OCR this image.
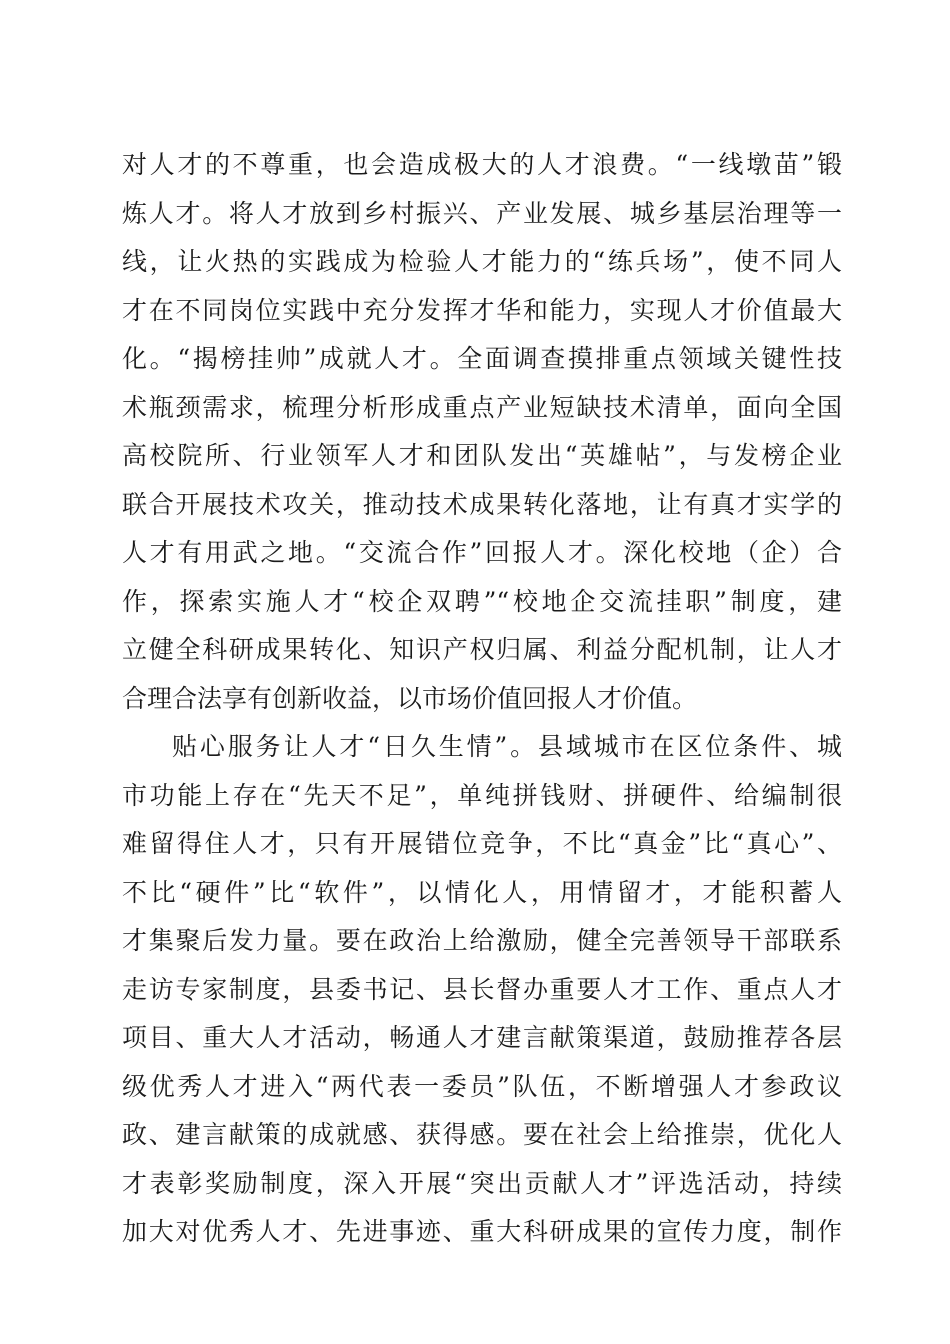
对人才的不尊重，也会造成极大的人才浪费。“一线墩苗”锻
炼人才。将人才放到乡村振兴、产业发展、城乡基层治理等一
线，让火热的实践成为检验人才能力的“练兵场”，使不同人
才在不同岗位实践中充分发挥才华和能力，实现人才价值最大
化。“揭榜挂帅”成就人才。全面调查摸排重点领域关键性技
术瓶颈需求，梳理分析形成重点产业短缺技术清单，面向全国
高校院所、行业领军人才和团队发出“英雄帖”，与发榜企业
联合开展技术攻关，推动技术成果转化落地，让有真才实学的
人才有用武之地。“交流合作”回报人才。深化校地（企）合
作，探索实施人才“校企双聘”“校地企交流挂职”制度，建
立健全科研成果转化、知识产权归属、利益分配机制，让人才
合理合法享有创新收益，以市场价值回报人才价值。
贴心服务让人才“日久生情”。县域城市在区位条件、城
市功能上存在“先天不足”，单纯拼钱财、拼硬件、给编制很
难留得住人才，只有开展错位竞争，不比“真金”比“真心”、
不比“硬件”比“软件”，以情化人，用情留才，才能积蓄人
才集聚后发力量。要在政治上给激励，健全完善领导干部联系
走访专家制度，县委书记、县长督办重要人才工作、重点人才
项目、重大人才活动，畅通人才建言献策渠道，鼓励推荐各层
级优秀人才进入“两代表一委员”队伍，不断增强人才参政议
政、建言献策的成就感、获得感。要在社会上给推崇，优化人
才表彰奖励制度，深入开展“突出贡献人才”评选活动，持续
加大对优秀人才、先进事迹、重大科研成果的宣传力度，制作
